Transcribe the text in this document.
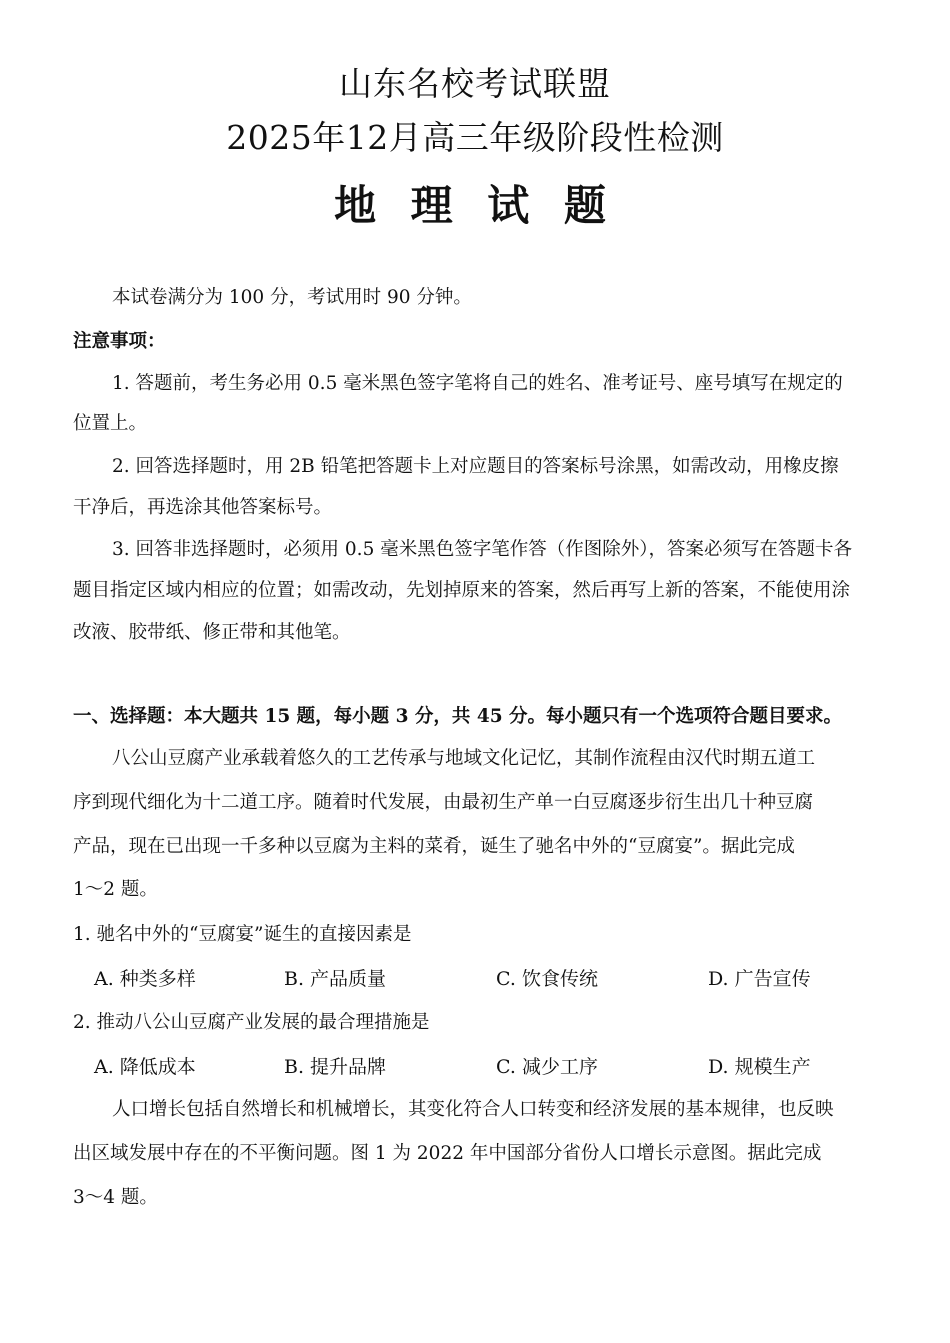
山东名校考试联盟
2025年12月高三年级阶段性检测
地 理 试 题
本试卷满分为 100 分，考试用时 90 分钟。
注意事项：
1. 答题前，考生务必用 0.5 毫米黑色签字笔将自己的姓名、准考证号、座号填写在规定的
位置上。
2. 回答选择题时，用 2B 铅笔把答题卡上对应题目的答案标号涂黑，如需改动，用橡皮擦
干净后，再选涂其他答案标号。
3. 回答非选择题时，必须用 0.5 毫米黑色签字笔作答（作图除外），答案必须写在答题卡各
题目指定区域内相应的位置；如需改动，先划掉原来的答案，然后再写上新的答案，不能使用涂
改液、胶带纸、修正带和其他笔。
一、选择题：本大题共 15 题，每小题 3 分，共 45 分。每小题只有一个选项符合题目要求。
八公山豆腐产业承载着悠久的工艺传承与地域文化记忆，其制作流程由汉代时期五道工
序到现代细化为十二道工序。随着时代发展，由最初生产单一白豆腐逐步衍生出几十种豆腐
产品，现在已出现一千多种以豆腐为主料的菜肴，诞生了驰名中外的“豆腐宴”。据此完成
1～2 题。
1. 驰名中外的“豆腐宴”诞生的直接因素是
A. 种类多样	B. 产品质量	C. 饮食传统	D. 广告宣传
2. 推动八公山豆腐产业发展的最合理措施是
A. 降低成本	B. 提升品牌	C. 减少工序	D. 规模生产
人口增长包括自然增长和机械增长，其变化符合人口转变和经济发展的基本规律，也反映
出区域发展中存在的不平衡问题。图 1 为 2022 年中国部分省份人口增长示意图。据此完成
3～4 题。
